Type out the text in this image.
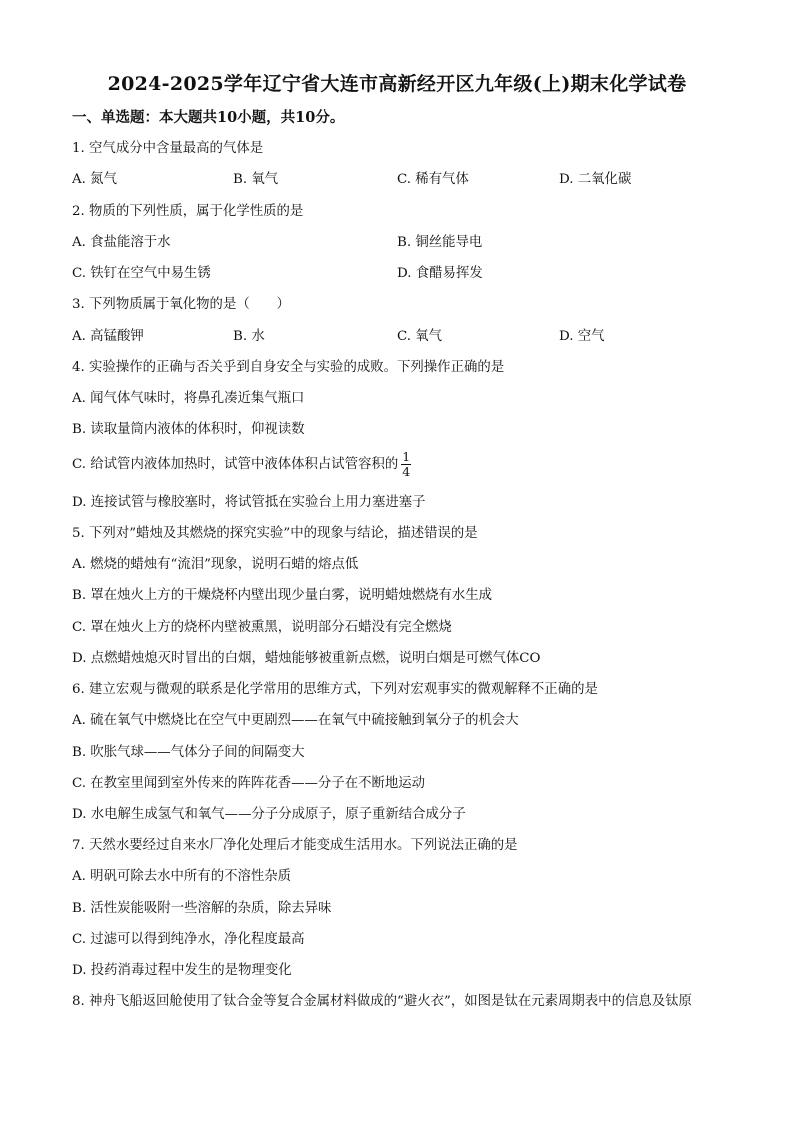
2024-2025学年辽宁省大连市高新经开区九年级(上)期末化学试卷
一、单选题：本大题共10小题，共10分。
1. 空气成分中含量最高的气体是
A. 氮气	B. 氧气	C. 稀有气体	D. 二氧化碳
2. 物质的下列性质，属于化学性质的是
A. 食盐能溶于水	B. 铜丝能导电
C. 铁钉在空气中易生锈	D. 食醋易挥发
3. 下列物质属于氧化物的是（　　）
A. 高锰酸钾	B. 水	C. 氧气	D. 空气
4. 实验操作的正确与否关乎到自身安全与实验的成败。下列操作正确的是
A. 闻气体气味时，将鼻孔凑近集气瓶口
B. 读取量筒内液体的体积时，仰视读数
C. 给试管内液体加热时，试管中液体体积占试管容积的 $\frac{1}{4}$
D. 连接试管与橡胶塞时，将试管抵在实验台上用力塞进塞子
5. 下列对”蜡烛及其燃烧的探究实验”中的现象与结论，描述错误的是
A. 燃烧的蜡烛有“流泪”现象，说明石蜡的熔点低
B. 罩在烛火上方的干燥烧杯内壁出现少量白雾，说明蜡烛燃烧有水生成
C. 罩在烛火上方的烧杯内壁被熏黑，说明部分石蜡没有完全燃烧
D. 点燃蜡烛熄灭时冒出的白烟，蜡烛能够被重新点燃，说明白烟是可燃气体CO
6. 建立宏观与微观的联系是化学常用的思维方式，下列对宏观事实的微观解释不正确的是
A. 硫在氧气中燃烧比在空气中更剧烈——在氧气中硫接触到氧分子的机会大
B. 吹胀气球——气体分子间的间隔变大
C. 在教室里闻到室外传来的阵阵花香——分子在不断地运动
D. 水电解生成氢气和氧气——分子分成原子，原子重新结合成分子
7. 天然水要经过自来水厂净化处理后才能变成生活用水。下列说法正确的是
A. 明矾可除去水中所有的不溶性杂质
B. 活性炭能吸附一些溶解的杂质，除去异味
C. 过滤可以得到纯净水，净化程度最高
D. 投药消毒过程中发生的是物理变化
8. 神舟飞船返回舱使用了钛合金等复合金属材料做成的“避火衣”，如图是钛在元素周期表中的信息及钛原
